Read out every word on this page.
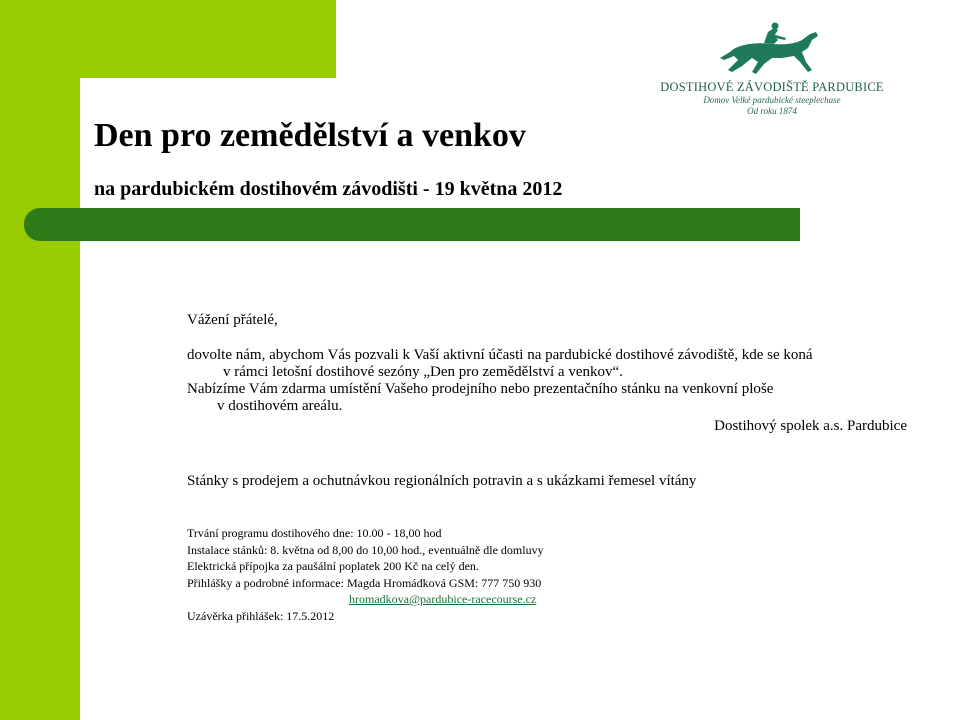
DOSTIHOVÉ ZÁVODIŠTĚ PARDUBICE
Domov Velké pardubické steeplechase
Od roku 1874
Den pro zemědělství a venkov
na pardubickém dostihovém závodišti - 19 května 2012

Vážení přátelé,

dovolte nám, abychom Vás pozvali k Vaší aktivní účasti na pardubické dostihové závodiště, kde se koná

v rámci letošní dostihové sezóny „Den pro zemědělství a venkov“.

Nabízíme Vám zdarma umístění Vašeho prodejního nebo prezentačního stánku na venkovní ploše

v dostihovém areálu.

Dostihový spolek a.s. Pardubice

Stánky s prodejem a ochutnávkou regionálních potravin a s ukázkami řemesel vítány

Trvání programu dostihového dne: 10.00 - 18,00 hod
Instalace stánků: 8. května od 8,00 do 10,00 hod., eventuálně dle domluvy
Elektrická přípojka za paušální poplatek 200 Kč na celý den.
Přihlášky a podrobné informace: Magda Hromádková GSM: 777 750 930
hromadkova@pardubice-racecourse.cz
Uzávěrka přihlášek: 17.5.2012
